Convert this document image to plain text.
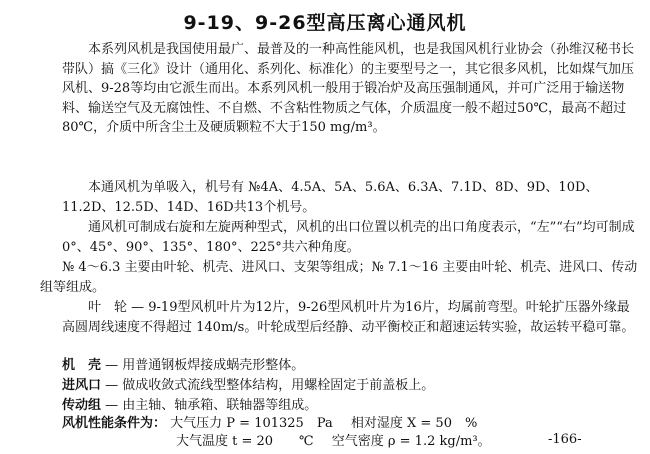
9-19、9-26型高压离心通风机

本系列风机是我国使用最广、最普及的一种高性能风机，也是我国风机行业协会（孙维汉秘书长带队）搞《三化》设计（通用化、系列化、标准化）的主要型号之一，其它很多风机，比如煤气加压风机、9-28等均由它派生而出。本系列风机一般用于锻冶炉及高压强制通风，并可广泛用于输送物料、输送空气及无腐蚀性、不自燃、不含粘性物质之气体，介质温度一般不超过50℃，最高不超过80℃，介质中所含尘土及硬质颗粒不大于150 mg/m³。

本通风机为单吸入，机号有 №4A、4.5A、5A、5.6A、6.3A、7.1D、8D、9D、10D、11.2D、12.5D、14D、16D共13个机号。

通风机可制成右旋和左旋两种型式，风机的出口位置以机壳的出口角度表示，“左”“右”均可制成0°、45°、90°、135°、180°、225°共六种角度。

№ 4～6.3 主要由叶轮、机壳、进风口、支架等组成；№ 7.1～16 主要由叶轮、机壳、进风口、传动组等组成。

叶　轮 — 9-19型风机叶片为12片，9-26型风机叶片为16片，均属前弯型。叶轮扩压器外缘最高圆周线速度不得超过 140m/s。叶轮成型后经静、动平衡校正和超速运转实验，故运转平稳可靠。

机　壳 — 用普通钢板焊接成蜗壳形整体。
进风口 — 做成收敛式流线型整体结构，用螺栓固定于前盖板上。
传动组 — 由主轴、轴承箱、联轴器等组成。
风机性能条件为： 大气压力 P = 101325　Pa 相对湿度 X = 50　%
大气温度 t = 20　　℃ 空气密度 ρ = 1.2 kg/m³。	-166-
